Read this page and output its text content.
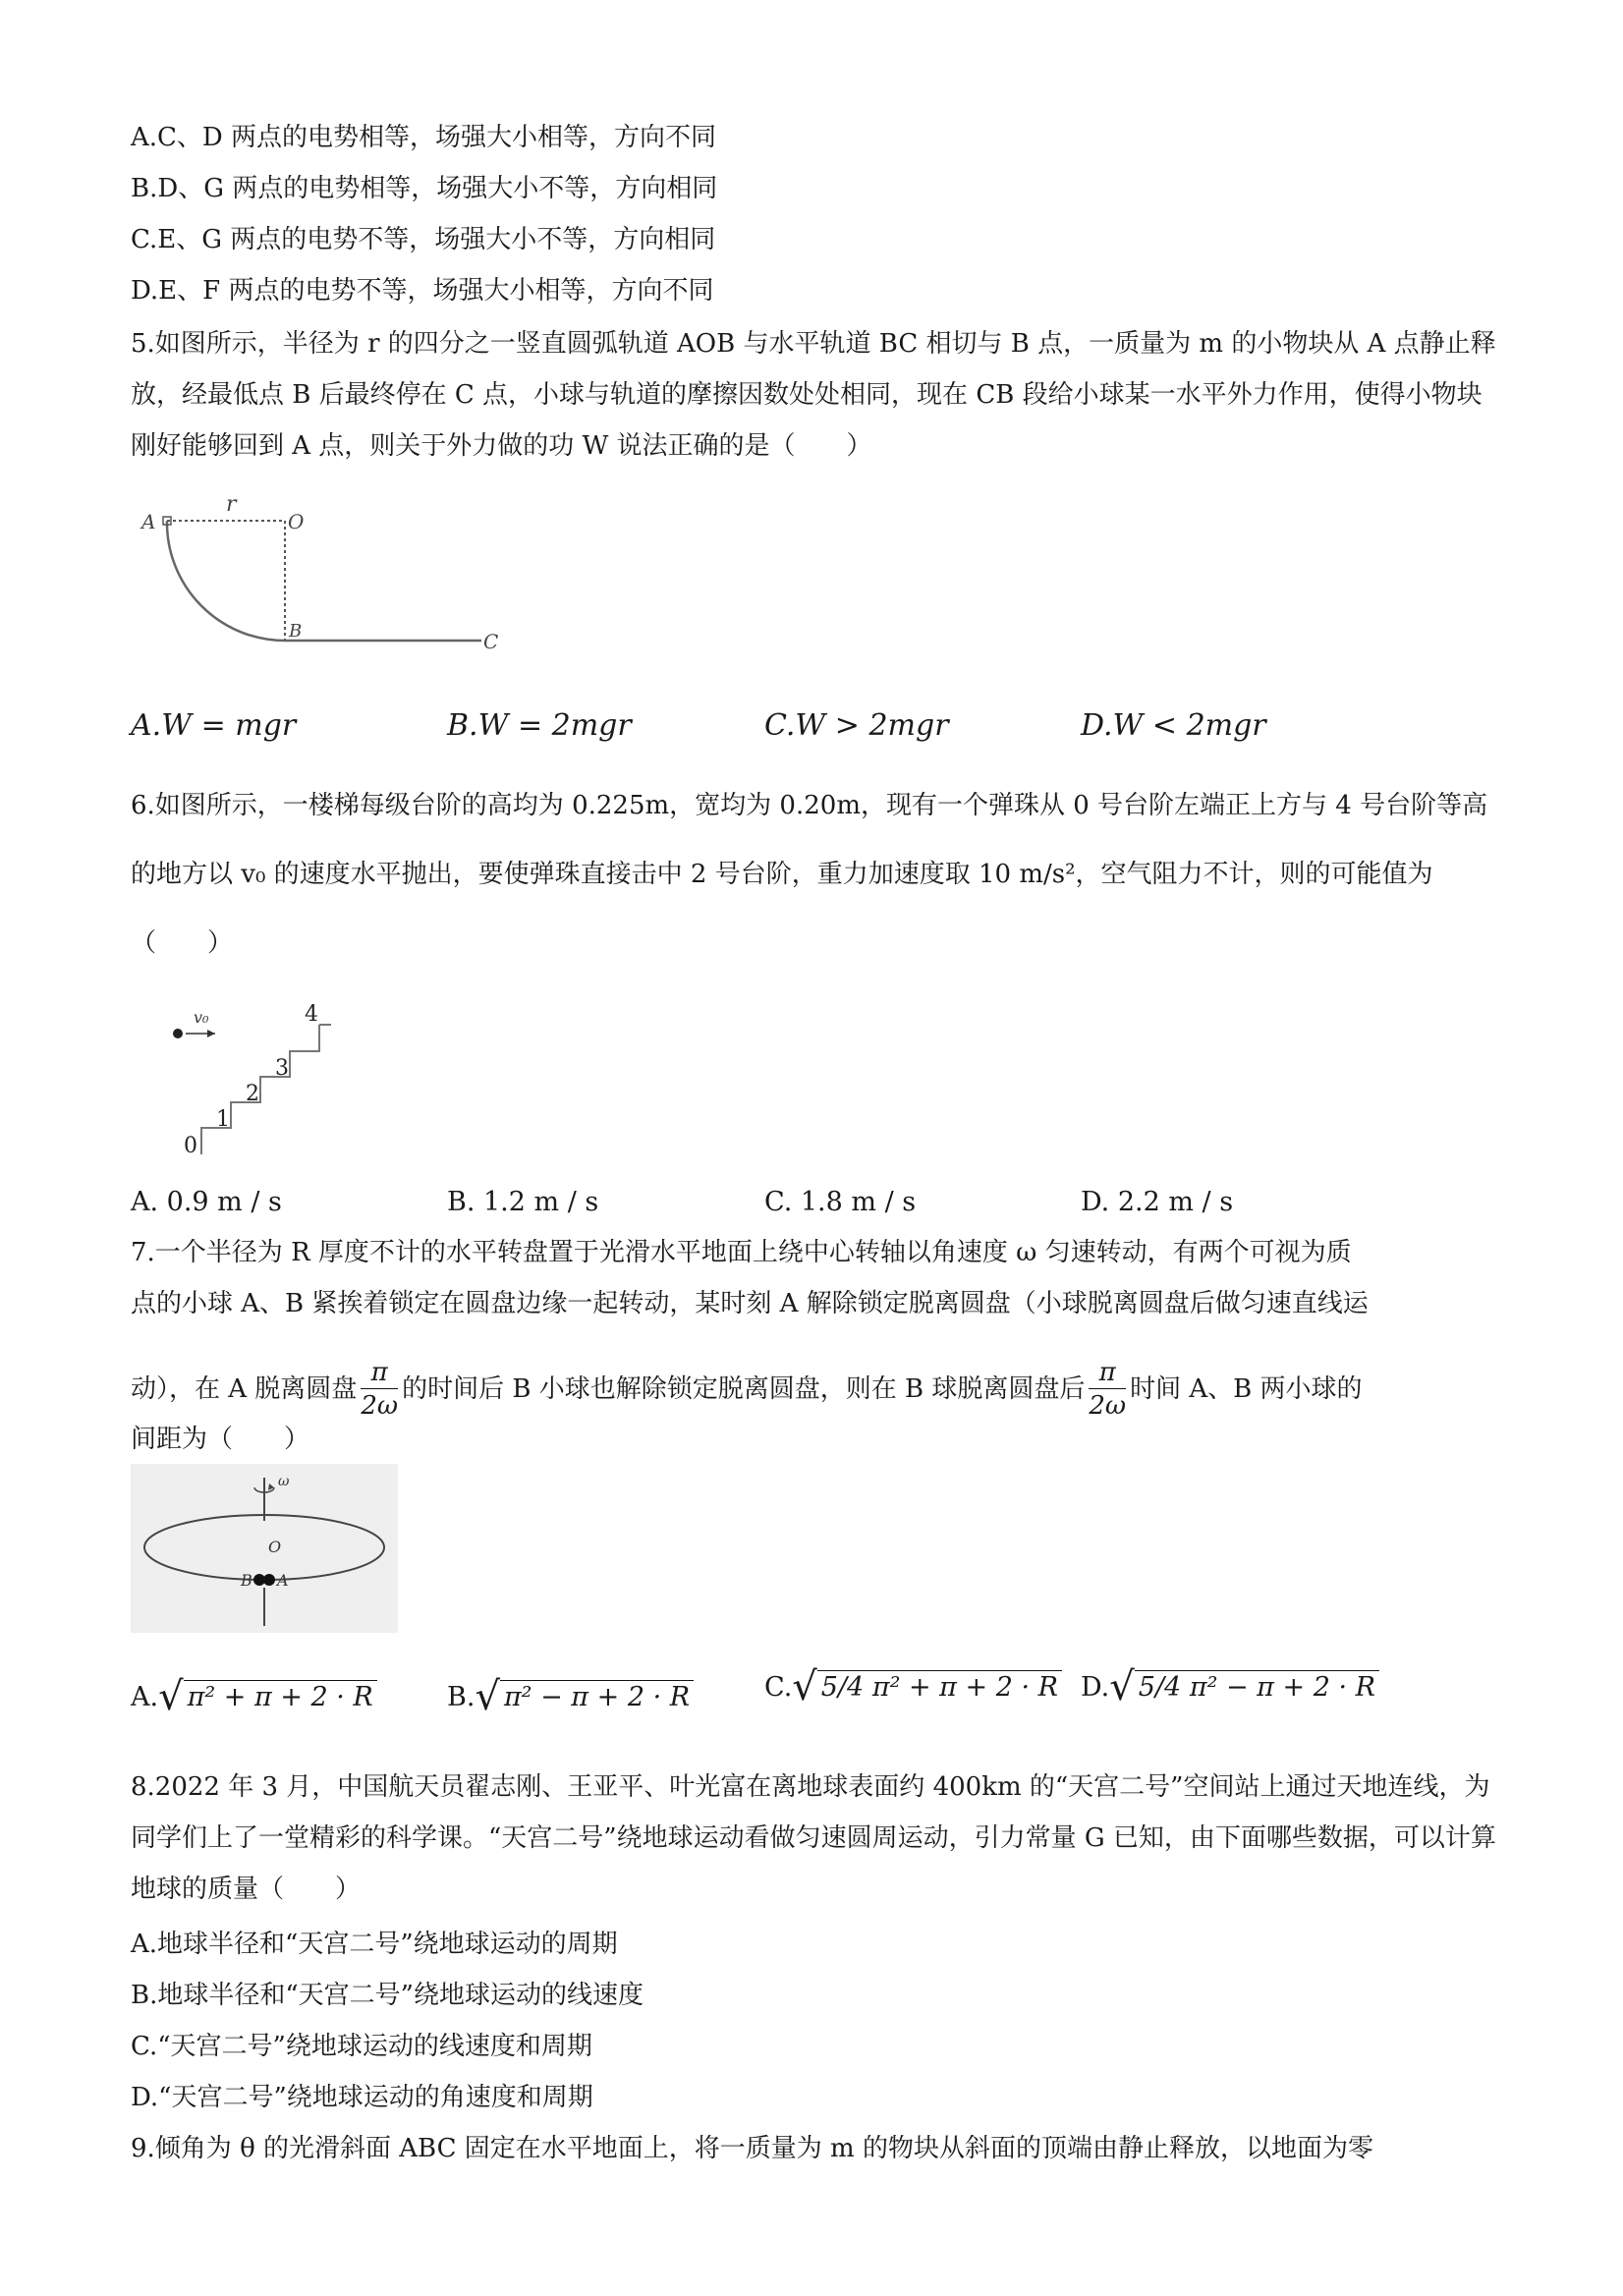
A.C、D 两点的电势相等，场强大小相等，方向不同
B.D、G 两点的电势相等，场强大小不等，方向相同
C.E、G 两点的电势不等，场强大小不等，方向相同
D.E、F 两点的电势不等，场强大小相等，方向不同
5.如图所示，半径为 r 的四分之一竖直圆弧轨道 AOB 与水平轨道 BC 相切与 B 点，一质量为 m 的小物块从 A 点静止释放，经最低点 B 后最终停在 C 点，小球与轨道的摩擦因数处处相同，现在 CB 段给小球某一水平外力作用，使得小物块刚好能够回到 A 点，则关于外力做的功 W 说法正确的是（　　）
A
r
O
B	C
A.W = mgr	B.W = 2mgr	C.W > 2mgr	D.W < 2mgr
6.如图所示，一楼梯每级台阶的高均为 0.225m，宽均为 0.20m，现有一个弹珠从 0 号台阶左端正上方与 4 号台阶等高的地方以 v₀ 的速度水平抛出，要使弹珠直接击中 2 号台阶，重力加速度取 10 m/s²，空气阻力不计，则的可能值为（　　）
v₀
0
1
2
3
4
A. 0.9 m / s	B. 1.2 m / s	C. 1.8 m / s	D. 2.2 m / s
7.一个半径为 R 厚度不计的水平转盘置于光滑水平地面上绕中心转轴以角速度 ω 匀速转动，有两个可视为质
点的小球 A、B 紧挨着锁定在圆盘边缘一起转动，某时刻 A 解除锁定脱离圆盘（小球脱离圆盘后做匀速直线运
动），在 A 脱离圆盘 $\frac{\pi}{2\omega}$ 的时间后 B 小球也解除锁定脱离圆盘，则在 B 球脱离圆盘后 $\frac{\pi}{2\omega}$ 时间 A、B 两小球的
间距为（　　）
ω
O
B A
A.√ π² + π + 2 · R	B.√ π² − π + 2 · R	C.√ 5/4 π² + π + 2 · R D.√ 5/4 π² − π + 2 · R
8.2022 年 3 月，中国航天员翟志刚、王亚平、叶光富在离地球表面约 400km 的“天宫二号”空间站上通过天地连线，为同学们上了一堂精彩的科学课。“天宫二号”绕地球运动看做匀速圆周运动，引力常量 G 已知，由下面哪些数据，可以计算地球的质量（　　）
A.地球半径和“天宫二号”绕地球运动的周期
B.地球半径和“天宫二号”绕地球运动的线速度
C.“天宫二号”绕地球运动的线速度和周期
D.“天宫二号”绕地球运动的角速度和周期
9.倾角为 θ 的光滑斜面 ABC 固定在水平地面上，将一质量为 m 的物块从斜面的顶端由静止释放，以地面为零
